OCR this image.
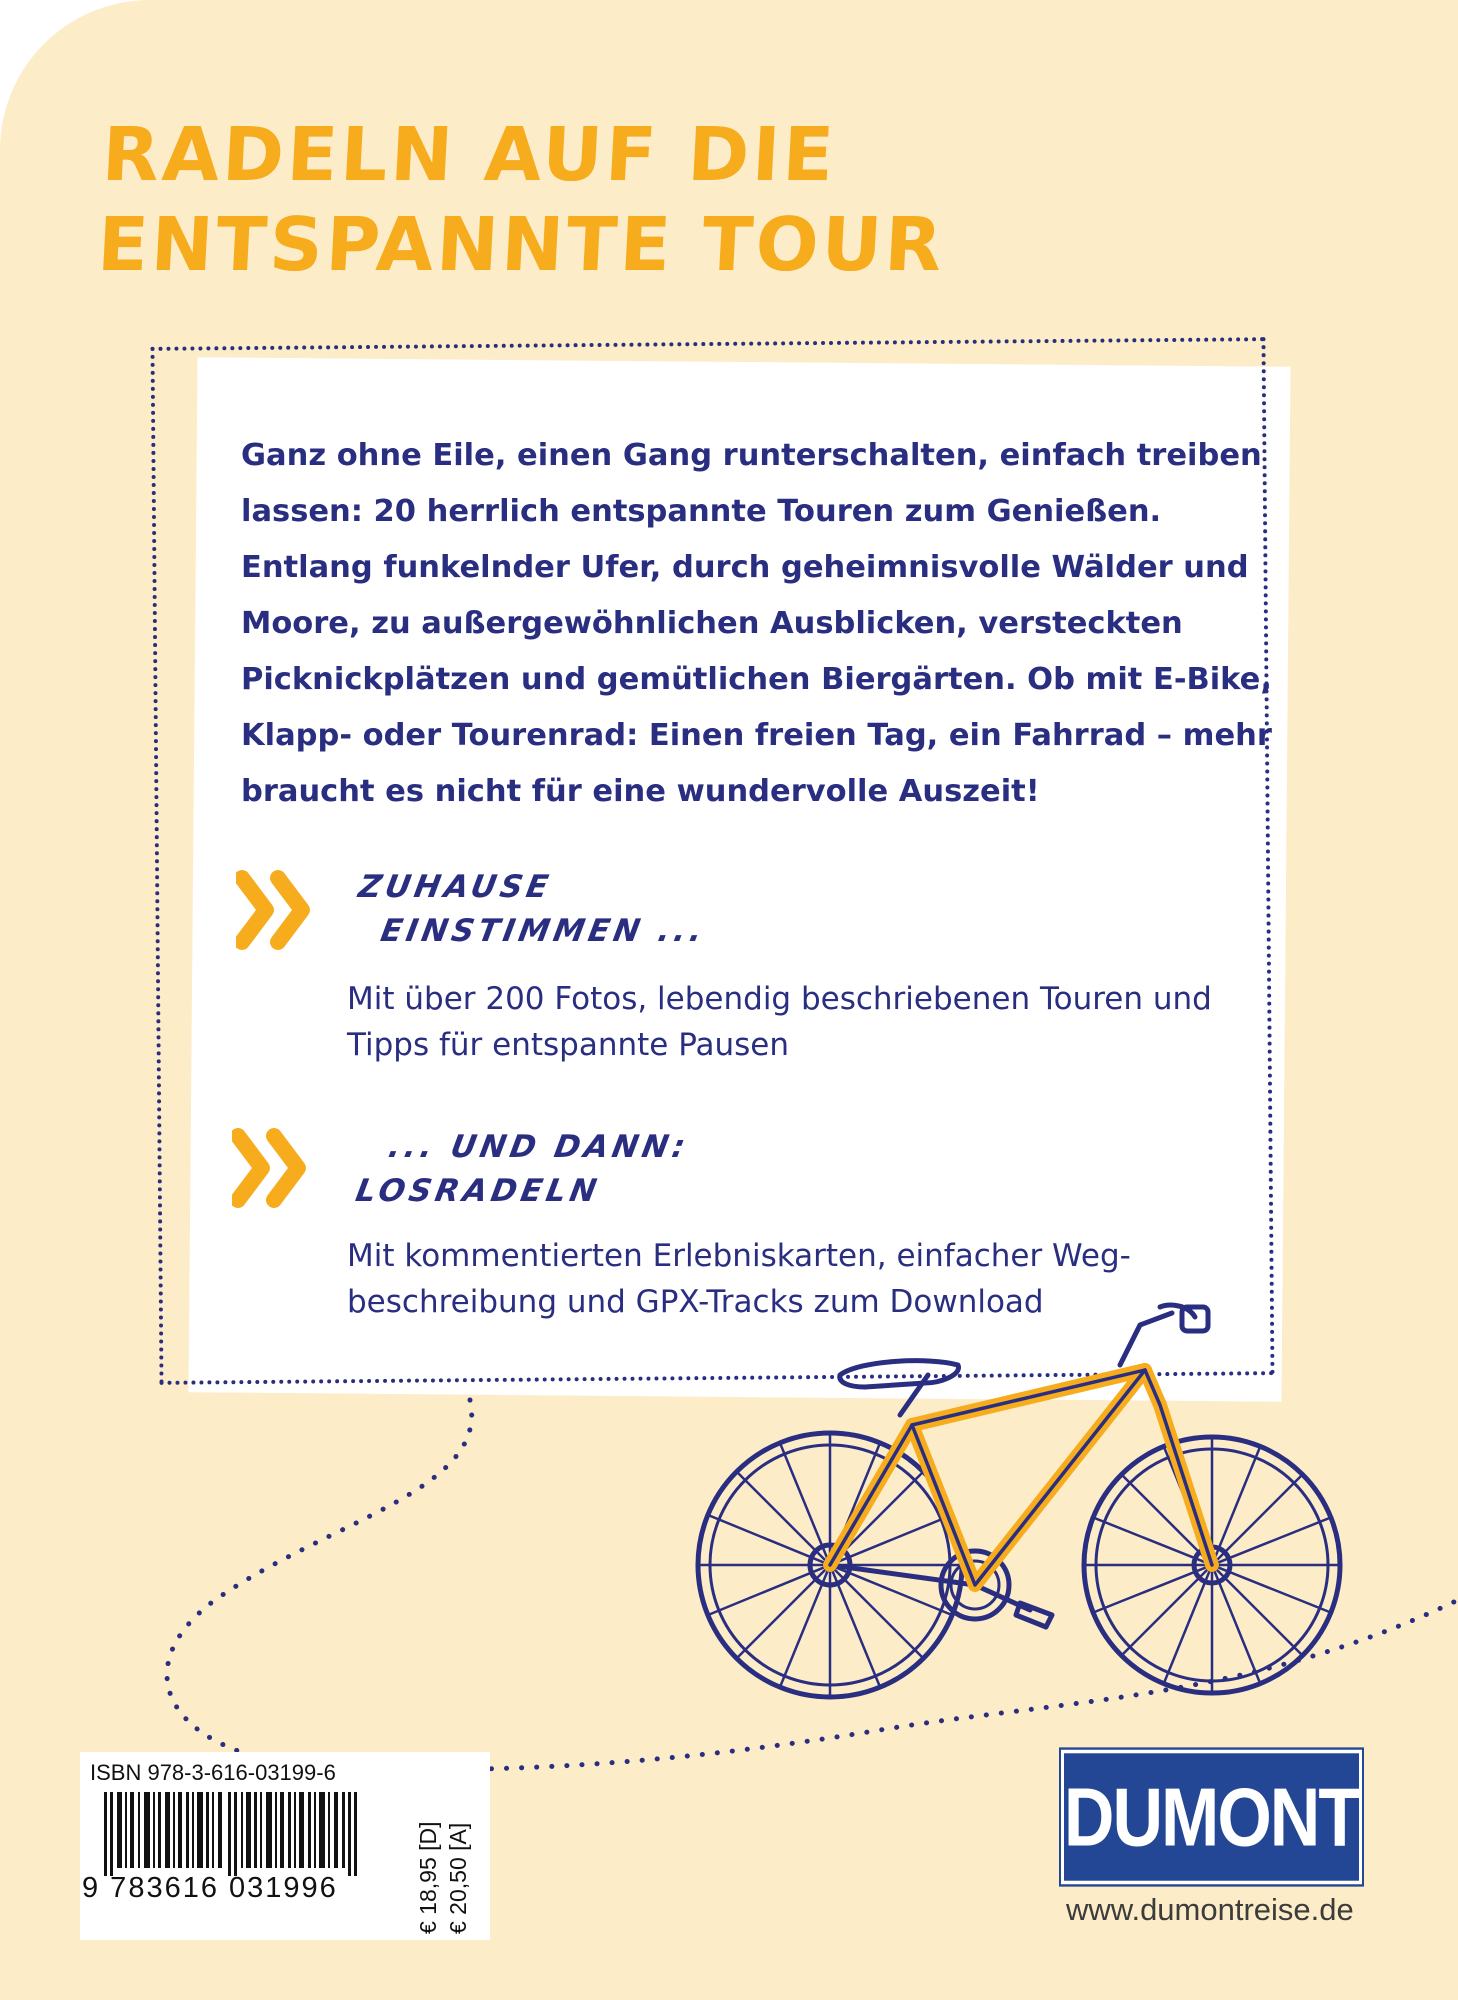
RADELN AUF DIE
ENTSPANNTE TOUR

Ganz ohne Eile, einen Gang runterschalten, einfach treiben lassen: 20 herrlich entspannte Touren zum Genießen. Entlang funkelnder Ufer, durch geheimnisvolle Wälder und Moore, zu außergewöhnlichen Ausblicken, versteckten Picknickplätzen und gemütlichen Biergärten. Ob mit E-Bike, Klapp- oder Tourenrad: Einen freien Tag, ein Fahrrad – mehr braucht es nicht für eine wundervolle Auszeit!

ZUHAUSE
EINSTIMMEN ...

Mit über 200 Fotos, lebendig beschriebenen Touren und Tipps für entspannte Pausen

... UND DANN:
LOSRADELN

Mit kommentierten Erlebniskarten, einfacher Weg-beschreibung und GPX-Tracks zum Download

ISBN 978-3-616-03199-6

9 783616 031996	€ 18,95 [D] € 20,50 [A]

DUMONT

www.dumontreise.de
